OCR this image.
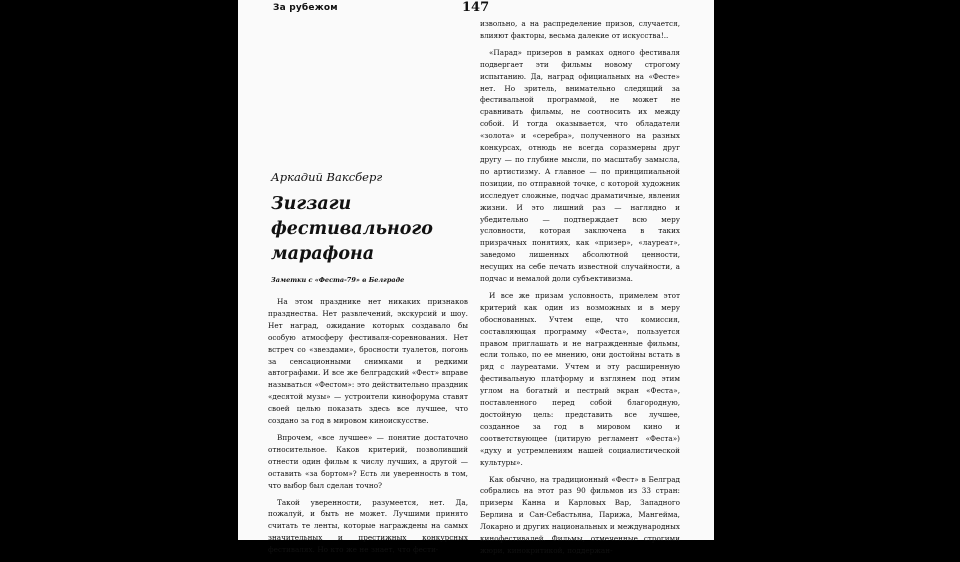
За рубежом	147
Аркадий Ваксберг
Зигзаги фестивального марафона
Заметки с «Феста-79» в Белграде

На этом празднике нет никаких признаков празднества. Нет развлечений, экскурсий и шоу. Нет наград, ожидание которых создавало бы особую атмосферу фестиваля-соревнования. Нет встреч со «звездами», бросности туалетов, погонь за сенсационными снимками и редкими автографами. И все же белградский «Фест» вправе называться «Фестом»: это действительно праздник «десятой музы» — устроители кинофорума ставят своей целью показать здесь все лучшее, что создано за год в мировом киноискусстве.

Впрочем, «все лучшее» — понятие достаточно относительное. Каков критерий, позволивший отнести один фильм к числу лучших, а другой — оставить «за бортом»? Есть ли уверенность в том, что выбор был сделан точно?

Такой уверенности, разумеется, нет. Да, пожалуй, и быть не может. Лучшими принято считать те ленты, которые награждены на самых значительных и престижных конкурсных фестивалях. Но кто же не знает, что фести-

извольно, а на распределение призов, случается, влияют факторы, весьма далекие от искусства!..

«Парад» призеров в рамках одного фестиваля подвергает эти фильмы новому строгому испытанию. Да, наград официальных на «Фесте» нет. Но зритель, внимательно следящий за фестивальной программой, не может не сравнивать фильмы, не соотносить их между собой. И тогда оказывается, что обладатели «золота» и «серебра», полученного на разных конкурсах, отнюдь не всегда соразмерны друг другу — по глубине мысли, по масштабу замысла, по артистизму. А главное — по принципиальной позиции, по отправной точке, с которой художник исследует сложные, подчас драматичные, явления жизни. И это лишний раз — наглядно и убедительно — подтверждает всю меру условности, которая заключена в таких призрачных понятиях, как «призер», «лауреат», заведомо лишенных абсолютной ценности, несущих на себе печать известной случайности, а подчас и немалой доли субъективизма.

И все же призам условность, примелем этот критерий как один из возможных и в меру обоснованных. Учтем еще, что комиссия, составляющая программу «Феста», пользуется правом приглашать и не награжденные фильмы, если только, по ее мнению, они достойны встать в ряд с лауреатами. Учтем и эту расширенную фестивальную платформу и взглянем под этим углом на богатый и пестрый экран «Феста», поставленного перед собой благородную, достойную цель: представить все лучшее, созданное за год в мировом кино и соответствующее (цитирую регламент «Феста») «духу и устремлениям нашей социалистической культуры».

Как обычно, на традиционный «Фест» в Белград собрались на этот раз 90 фильмов из 33 стран: призеры Канна и Карловых Вар, Западного Берлина и Сан-Себастьяна, Парижа, Мангейма, Локарно и других национальных и международных кинофестивалей. Фильмы, отмеченные строгими жюри, кинокритикой, поддержан-
